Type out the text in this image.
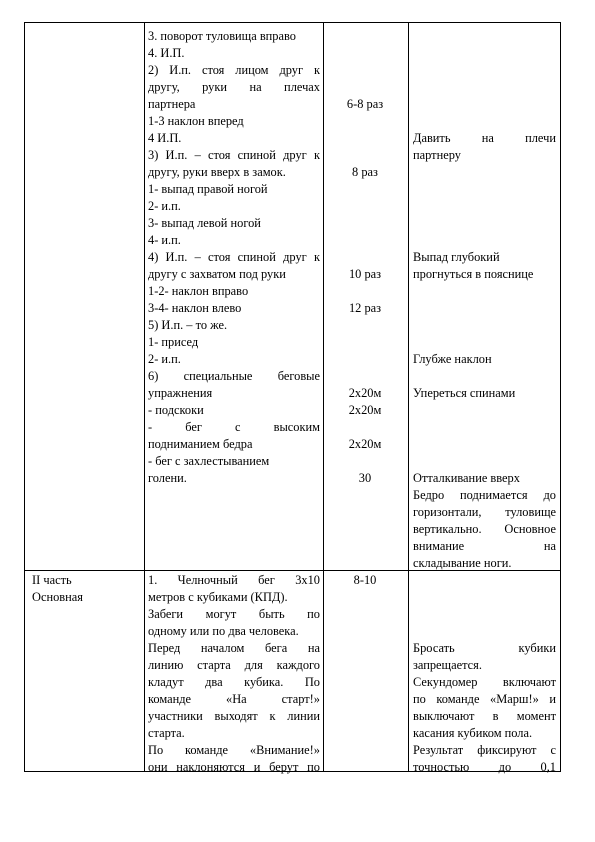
3. поворот туловища вправо
4. И.П.
2) И.п. стоя лицом друг к
другу, руки на плечах
партнера
1-3 наклон вперед
4 И.П.
3) И.п. – стоя спиной друг к
другу, руки вверх в замок.
1- выпад правой ногой
2- и.п.
3- выпад левой ногой
4- и.п.
4) И.п. – стоя спиной друг к
другу с захватом под руки
1-2- наклон вправо
3-4- наклон влево
5) И.п. – то же.
1- присед
2- и.п.
6) специальные беговые
упражнения
- подскоки
- бег с высоким
подниманием бедра
- бег с захлестыванием
голени.

6-8 раз

8 раз

10 раз

12 раз

2х20м
2х20м

2х20м

30

Давить на плечи
партнеру

Выпад глубокий
прогнуться в пояснице

Глубже наклон

Упереться спинами

Отталкивание вверх
Бедро поднимается до
горизонтали, туловище
вертикально. Основное
внимание на
складывание ноги.
II часть
Основная
1. Челночный бег 3х10
метров с кубиками (КПД).
Забеги могут быть по
одному или по два человека.
Перед началом бега на
линию старта для каждого
кладут два кубика. По
команде «На старт!»
участники выходят к линии
старта.
По команде «Внимание!»
они наклоняются и берут по
8-10

Бросать кубики
запрещается.
Секундомер включают
по команде «Марш!» и
выключают в момент
касания кубиком пола.
Результат фиксируют с
точностью до 0,1
